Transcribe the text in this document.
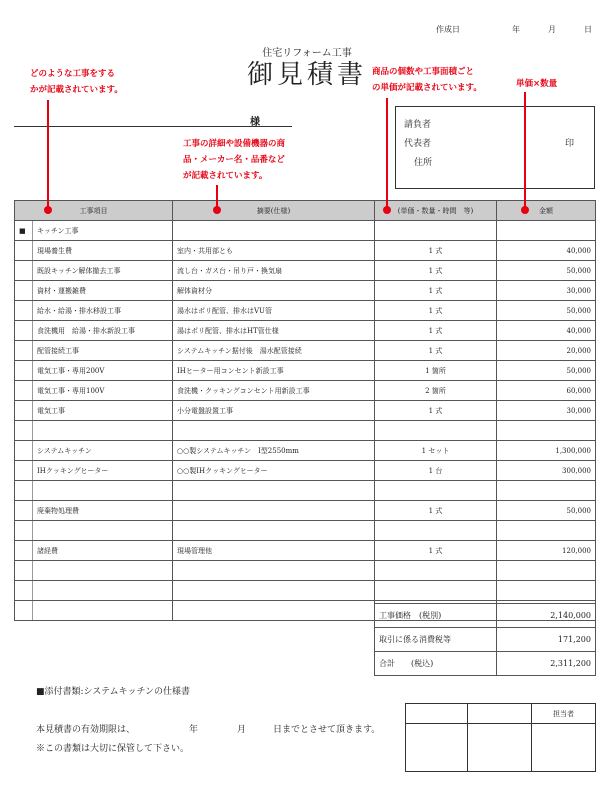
作成日	年	月	日
住宅リフォーム工事
御見積書
どのような工事をする
かが記載されています。
工事の詳細や設備機器の商
品・メーカー名・品番など
が記載されています。
商品の個数や工事面積ごと
の単価が記載されています。	単価×数量
様	請負者
代表者	印
住所
工事項目		摘要(仕様)	(単価・数量・時間　等)	金額
■	キッチン工事			
	現場養生費	室内・共用部とも	1 式	40,000
	既設キッチン解体撤去工事	流し台・ガス台・吊り戸・換気扇	1 式	50,000
	資材・運搬雑費	解体資材分	1 式	30,000
	給水・給湯・排水移設工事	湯水はポリ配管、排水はVU管	1 式	50,000
	食洗機用　給湯・排水新設工事	湯はポリ配管、排水はHT管仕様	1 式	40,000
	配管接続工事	システムキッチン据付後　湯水配管接続	1 式	20,000
	電気工事・専用200V	IHヒーター用コンセント新設工事	1 箇所	50,000
	電気工事・専用100V	食洗機・クッキングコンセント用新設工事	2 箇所	60,000
	電気工事	小分電盤設置工事	1 式	30,000

	システムキッチン	○○製システムキッチン　I型2550mm	1 セット	1,300,000
	IHクッキングヒーター	○○製IHクッキングヒーター	1 台	300,000

	廃棄物処理費		1 式	50,000

	諸経費	現場管理他	1 式	120,000

工事価格　(税別)	2,140,000
取引に係る消費税等	171,200
合計　　(税込)	2,311,200
■添付書類:システムキッチンの仕様書
本見積書の有効期限は、	年	月	日までとさせて頂きます。
※この書類は大切に保管して下さい。
		担当者
